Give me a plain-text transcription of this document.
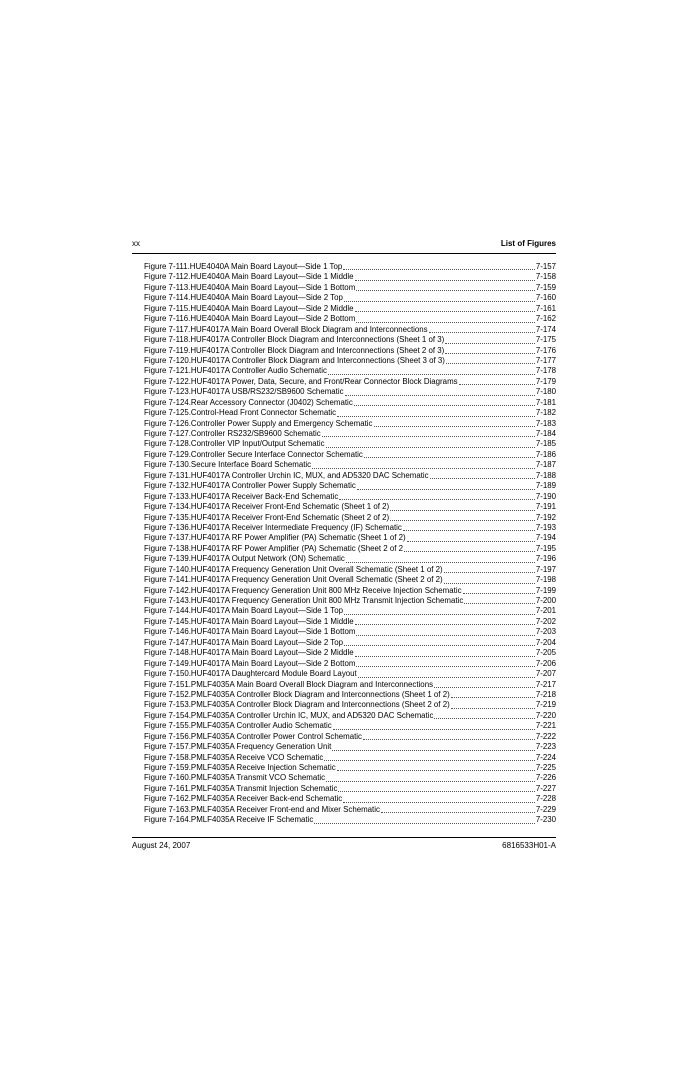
xx	List of Figures
Figure 7-111.HUE4040A Main Board Layout—Side 1 Top	7-157
Figure 7-112.HUE4040A Main Board Layout—Side 1 Middle	7-158
Figure 7-113.HUE4040A Main Board Layout—Side 1 Bottom	7-159
Figure 7-114.HUE4040A Main Board Layout—Side 2 Top	7-160
Figure 7-115.HUE4040A Main Board Layout—Side 2 Middle	7-161
Figure 7-116.HUE4040A Main Board Layout—Side 2 Bottom	7-162
Figure 7-117.HUF4017A Main Board Overall Block Diagram and Interconnections	7-174
Figure 7-118.HUF4017A Controller Block Diagram and Interconnections (Sheet 1 of 3)	7-175
Figure 7-119.HUF4017A Controller Block Diagram and Interconnections (Sheet 2 of 3)	7-176
Figure 7-120.HUF4017A Controller Block Diagram and Interconnections (Sheet 3 of 3)	7-177
Figure 7-121.HUF4017A Controller Audio Schematic	7-178
Figure 7-122.HUF4017A Power, Data, Secure, and Front/Rear Connector Block Diagrams	7-179
Figure 7-123.HUF4017A USB/RS232/SB9600 Schematic	7-180
Figure 7-124.Rear Accessory Connector (J0402) Schematic	7-181
Figure 7-125.Control-Head Front Connector Schematic	7-182
Figure 7-126.Controller Power Supply and Emergency Schematic	7-183
Figure 7-127.Controller RS232/SB9600 Schematic	7-184
Figure 7-128.Controller VIP Input/Output Schematic	7-185
Figure 7-129.Controller Secure Interface Connector Schematic	7-186
Figure 7-130.Secure Interface Board Schematic	7-187
Figure 7-131.HUF4017A Controller Urchin IC, MUX, and AD5320 DAC Schematic	7-188
Figure 7-132.HUF4017A Controller Power Supply Schematic	7-189
Figure 7-133.HUF4017A Receiver Back-End Schematic	7-190
Figure 7-134.HUF4017A Receiver Front-End Schematic (Sheet 1 of 2)	7-191
Figure 7-135.HUF4017A Receiver Front-End Schematic (Sheet 2 of 2)	7-192
Figure 7-136.HUF4017A Receiver Intermediate Frequency (IF) Schematic	7-193
Figure 7-137.HUF4017A RF Power Amplifier (PA) Schematic (Sheet 1 of 2)	7-194
Figure 7-138.HUF4017A RF Power Amplifier (PA) Schematic (Sheet 2 of 2	7-195
Figure 7-139.HUF4017A Output Network (ON) Schematic	7-196
Figure 7-140.HUF4017A Frequency Generation Unit Overall Schematic (Sheet 1 of 2)	7-197
Figure 7-141.HUF4017A Frequency Generation Unit Overall Schematic (Sheet 2 of 2)	7-198
Figure 7-142.HUF4017A Frequency Generation Unit 800 MHz Receive Injection Schematic	7-199
Figure 7-143.HUF4017A Frequency Generation Unit 800 MHz Transmit Injection Schematic	7-200
Figure 7-144.HUF4017A Main Board Layout—Side 1 Top	7-201
Figure 7-145.HUF4017A Main Board Layout—Side 1 Middle	7-202
Figure 7-146.HUF4017A Main Board Layout—Side 1 Bottom	7-203
Figure 7-147.HUF4017A Main Board Layout—Side 2 Top	7-204
Figure 7-148.HUF4017A Main Board Layout—Side 2 Middle	7-205
Figure 7-149.HUF4017A Main Board Layout—Side 2 Bottom	7-206
Figure 7-150.HUF4017A Daughtercard Module Board Layout	7-207
Figure 7-151.PMLF4035A Main Board Overall Block Diagram and Interconnections	7-217
Figure 7-152.PMLF4035A Controller Block Diagram and Interconnections (Sheet 1 of 2)	7-218
Figure 7-153.PMLF4035A Controller Block Diagram and Interconnections (Sheet 2 of 2)	7-219
Figure 7-154.PMLF4035A Controller Urchin IC, MUX, and AD5320 DAC Schematic	7-220
Figure 7-155.PMLF4035A Controller Audio Schematic	7-221
Figure 7-156.PMLF4035A Controller Power Control Schematic	7-222
Figure 7-157.PMLF4035A Frequency Generation Unit	7-223
Figure 7-158.PMLF4035A Receive VCO Schematic	7-224
Figure 7-159.PMLF4035A Receive Injection Schematic	7-225
Figure 7-160.PMLF4035A Transmit VCO Schematic	7-226
Figure 7-161.PMLF4035A Transmit Injection Schematic	7-227
Figure 7-162.PMLF4035A Receiver Back-end Schematic	7-228
Figure 7-163.PMLF4035A Receiver Front-end and Mixer Schematic	7-229
Figure 7-164.PMLF4035A Receive IF Schematic	7-230
August 24, 2007	6816533H01-A
